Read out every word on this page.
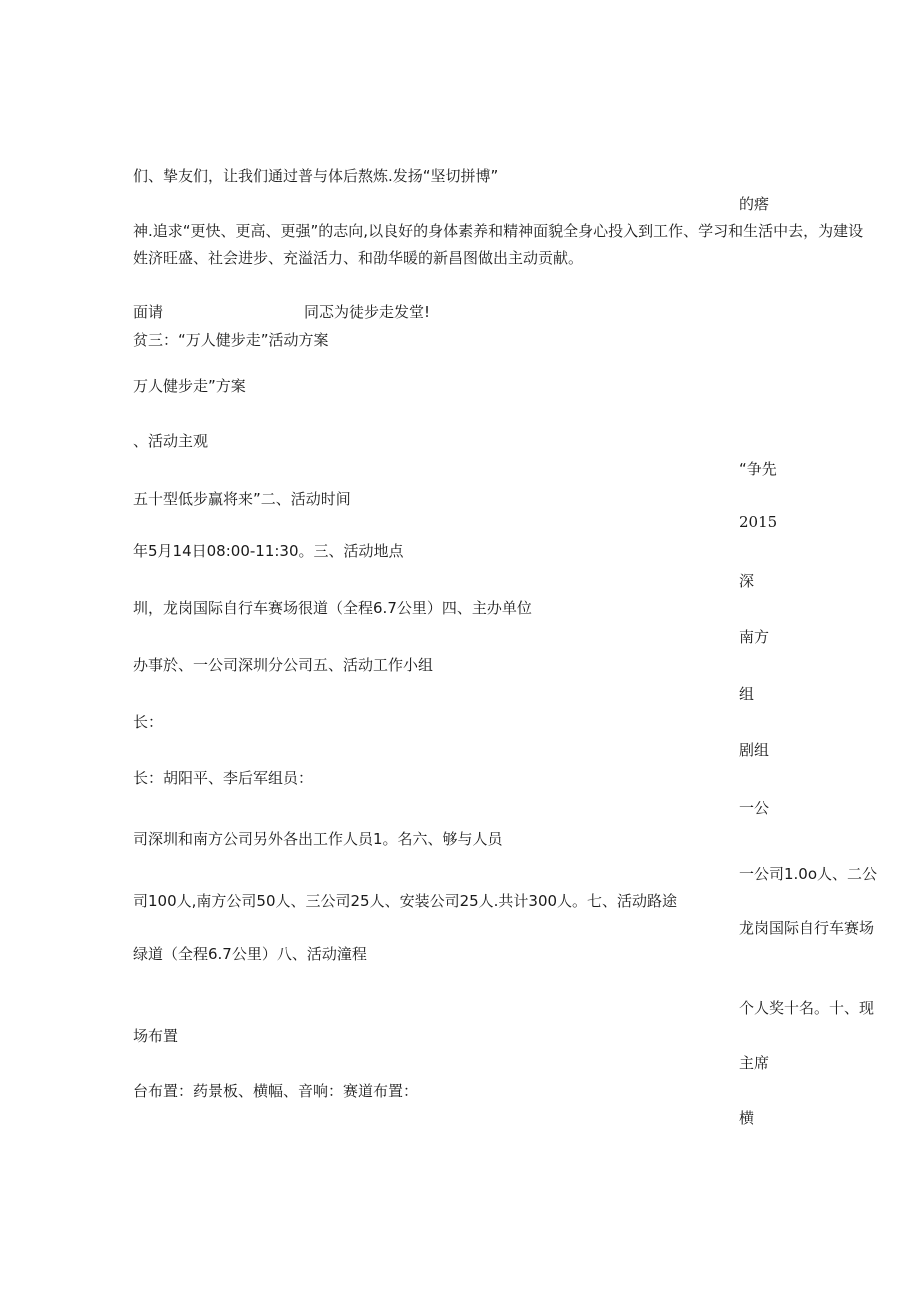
们、挚友们，让我们通过普与体后熬炼.发扬“坚切拼博”
的瘩
神.追求“更快、更高、更强”的志向,以良好的身体素养和精神面貌全身心投入到工作、学习和生活中去，为建设
姓济旺盛、社会进步、充溢活力、和劭华暖的新昌图做出主动贡献。
面请	同忑为徒步走发堂!
贫三：“万人健步走”活动方案
万人健步走”方案
、活动主观
“争先
五十型低步赢将来”二、活动时间
2015
年5月14日08:00-11:30。三、活动地点
深
圳，龙岗国际自行车赛场很道（全程6.7公里）四、主办单位
南方
办事於、一公司深圳分公司五、活动工作小组
组
长：
剧组
长：胡阳平、李后军组员：
一公
司深圳和南方公司另外各出工作人员1。名六、够与人员
一公司1.0o人、二公
司100人,南方公司50人、三公司25人、安装公司25人.共计300人。七、活动路途
龙岗国际自行车赛场
绿道（全程6.7公里）八、活动潼程
个人奖十名。十、现
场布置
主席
台布置：药景板、横幅、音响：赛道布置：
横
